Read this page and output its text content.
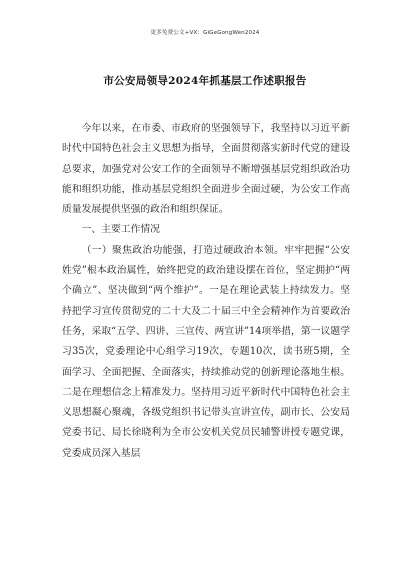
更多免费公文+VX：GiGeGongWen2024
市公安局领导2024年抓基层工作述职报告

今年以来，在市委、市政府的坚强领导下，我坚持以习近平新时代中国特色社会主义思想为指导，全面贯彻落实新时代党的建设总要求，加强党对公安工作的全面领导不断增强基层党组织政治功能和组织功能，推动基层党组织全面进步全面过硬，为公安工作高质量发展提供坚强的政治和组织保证。

一、主要工作情况

（一）聚焦政治功能强，打造过硬政治本领。牢牢把握“公安姓党”根本政治属性，始终把党的政治建设摆在首位，坚定拥护“两个确立”、坚决做到“两个维护”。一是在理论武装上持续发力。坚持把学习宣传贯彻党的二十大及二十届三中全会精神作为首要政治任务，采取“五学、四讲、三宣传、两宣讲”14项举措，第一议题学习35次，党委理论中心组学习19次，专题10次，读书班5期，全面学习、全面把握、全面落实，持续推动党的创新理论落地生根。二是在理想信念上精准发力。坚持用习近平新时代中国特色社会主义思想凝心聚魂，各级党组织书记带头宣讲宣传，副市长、公安局党委书记、局长徐晓利为全市公安机关党员民辅警讲授专题党课，党委成员深入基层
